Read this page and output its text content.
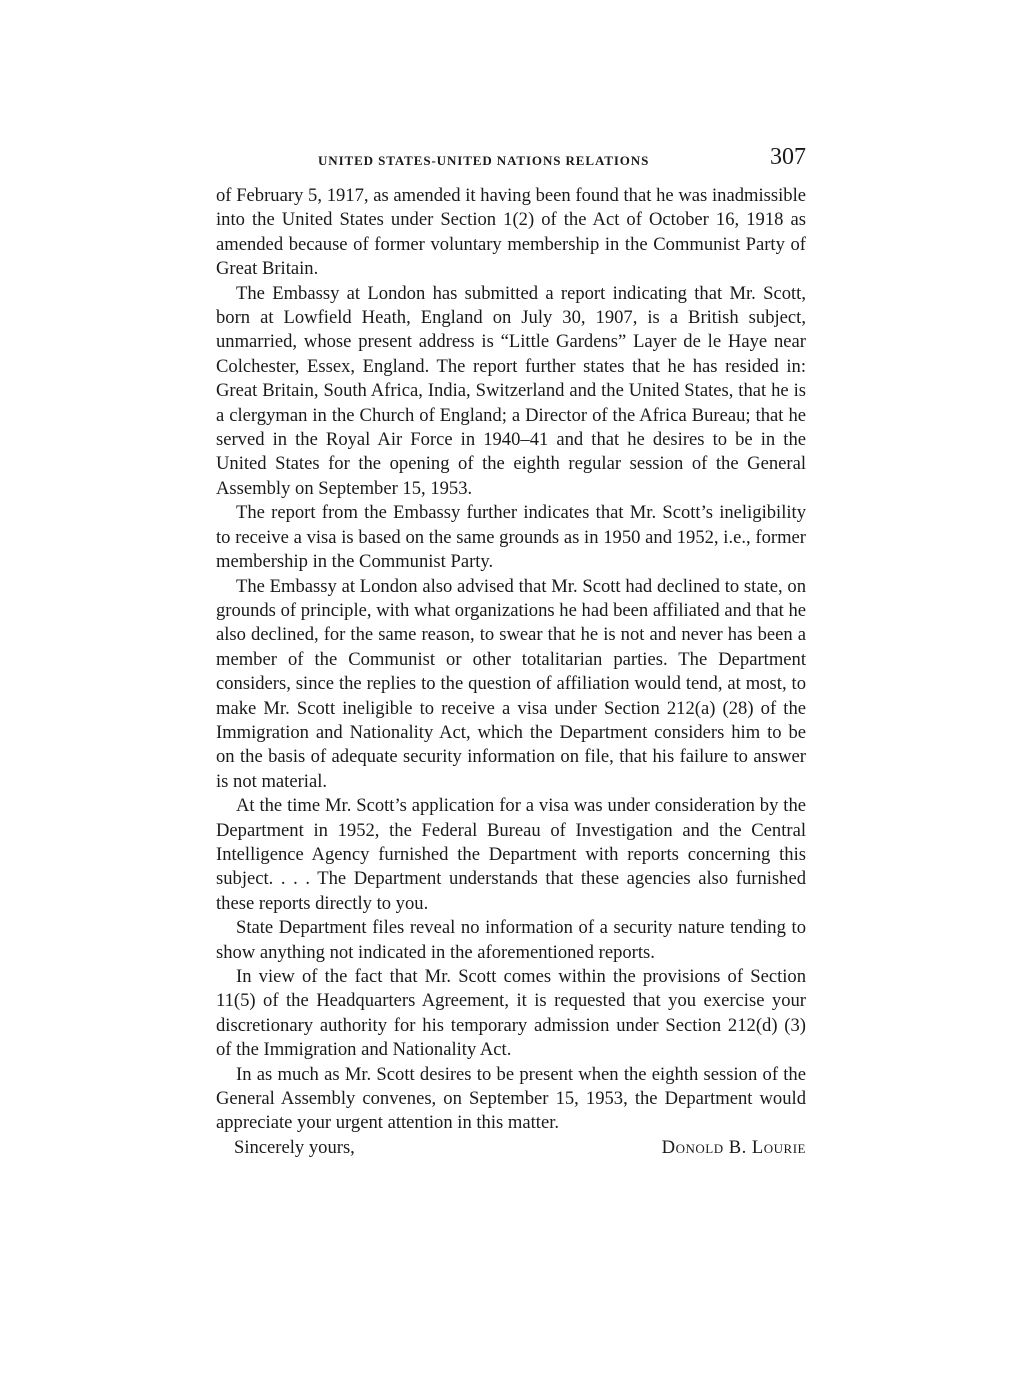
UNITED STATES-UNITED NATIONS RELATIONS	307

of February 5, 1917, as amended it having been found that he was inadmissible into the United States under Section 1(2) of the Act of October 16, 1918 as amended because of former voluntary membership in the Communist Party of Great Britain.

The Embassy at London has submitted a report indicating that Mr. Scott, born at Lowfield Heath, England on July 30, 1907, is a British subject, unmarried, whose present address is “Little Gardens” Layer de le Haye near Colchester, Essex, England. The report further states that he has resided in: Great Britain, South Africa, India, Switzerland and the United States, that he is a clergyman in the Church of England; a Director of the Africa Bureau; that he served in the Royal Air Force in 1940–41 and that he desires to be in the United States for the opening of the eighth regular session of the General Assembly on September 15, 1953.

The report from the Embassy further indicates that Mr. Scott’s ineligibility to receive a visa is based on the same grounds as in 1950 and 1952, i.e., former membership in the Communist Party.

The Embassy at London also advised that Mr. Scott had declined to state, on grounds of principle, with what organizations he had been affiliated and that he also declined, for the same reason, to swear that he is not and never has been a member of the Communist or other totalitarian parties. The Department considers, since the replies to the question of affiliation would tend, at most, to make Mr. Scott ineligible to receive a visa under Section 212(a) (28) of the Immigration and Nationality Act, which the Department considers him to be on the basis of adequate security information on file, that his failure to answer is not material.

At the time Mr. Scott’s application for a visa was under consideration by the Department in 1952, the Federal Bureau of Investigation and the Central Intelligence Agency furnished the Department with reports concerning this subject. . . . The Department understands that these agencies also furnished these reports directly to you.

State Department files reveal no information of a security nature tending to show anything not indicated in the aforementioned reports.

In view of the fact that Mr. Scott comes within the provisions of Section 11(5) of the Headquarters Agreement, it is requested that you exercise your discretionary authority for his temporary admission under Section 212(d) (3) of the Immigration and Nationality Act.

In as much as Mr. Scott desires to be present when the eighth session of the General Assembly convenes, on September 15, 1953, the Department would appreciate your urgent attention in this matter.

Sincerely yours,	Donold B. Lourie
